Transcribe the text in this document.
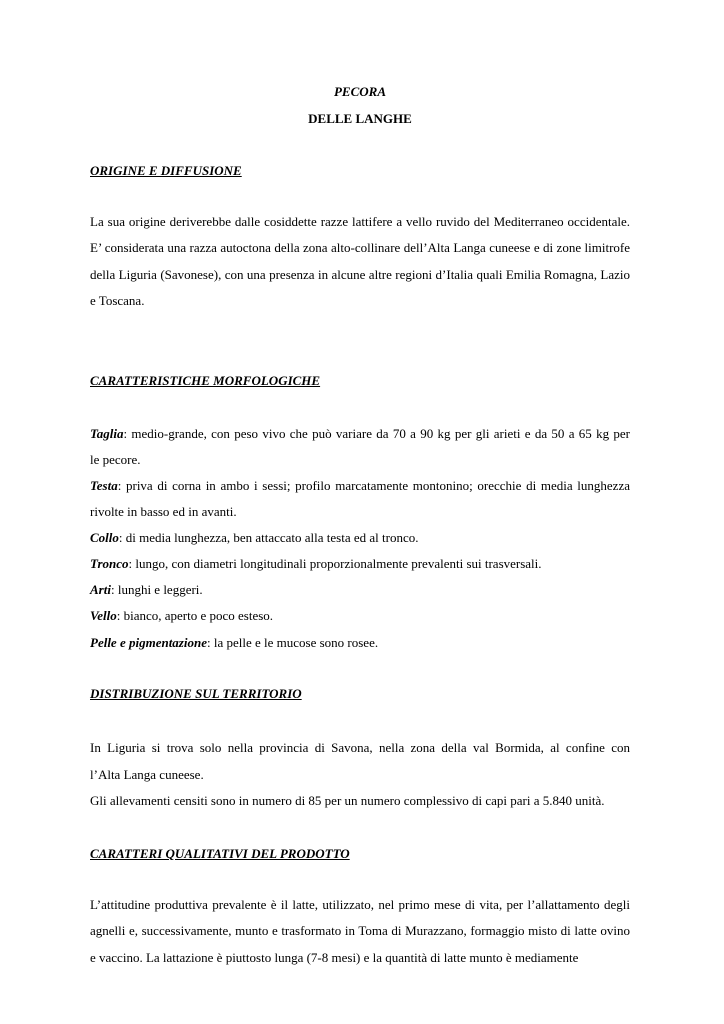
PECORA
DELLE LANGHE
ORIGINE E DIFFUSIONE
La sua origine deriverebbe dalle cosiddette razze lattifere a vello ruvido del Mediterraneo occidentale. E’ considerata una razza autoctona della zona alto-collinare dell’Alta Langa cuneese e di zone limitrofe della Liguria (Savonese), con una presenza in alcune altre regioni d’Italia quali Emilia Romagna, Lazio e Toscana.
CARATTERISTICHE MORFOLOGICHE
Taglia: medio-grande, con peso vivo che può variare da 70 a 90 kg per gli arieti e da 50 a 65 kg per
le pecore.
Testa: priva di corna in ambo i sessi; profilo marcatamente montonino; orecchie di media lunghezza
rivolte in basso ed in avanti.
Collo: di media lunghezza, ben attaccato alla testa ed al tronco.
Tronco: lungo, con diametri longitudinali proporzionalmente prevalenti sui trasversali.
Arti: lunghi e leggeri.
Vello: bianco, aperto e poco esteso.
Pelle e pigmentazione: la pelle e le mucose sono rosee.
DISTRIBUZIONE SUL TERRITORIO
In Liguria si trova solo nella provincia di Savona, nella zona della val Bormida, al confine con
l’Alta Langa cuneese.
Gli allevamenti censiti sono in numero di 85 per un numero complessivo di capi pari a 5.840 unità.
CARATTERI QUALITATIVI DEL PRODOTTO
L’attitudine produttiva prevalente è il latte, utilizzato, nel primo mese di vita, per l’allattamento degli agnelli e, successivamente, munto e trasformato in Toma di Murazzano, formaggio misto di latte ovino e vaccino. La lattazione è piuttosto lunga (7-8 mesi) e la quantità di latte munto è mediamente
